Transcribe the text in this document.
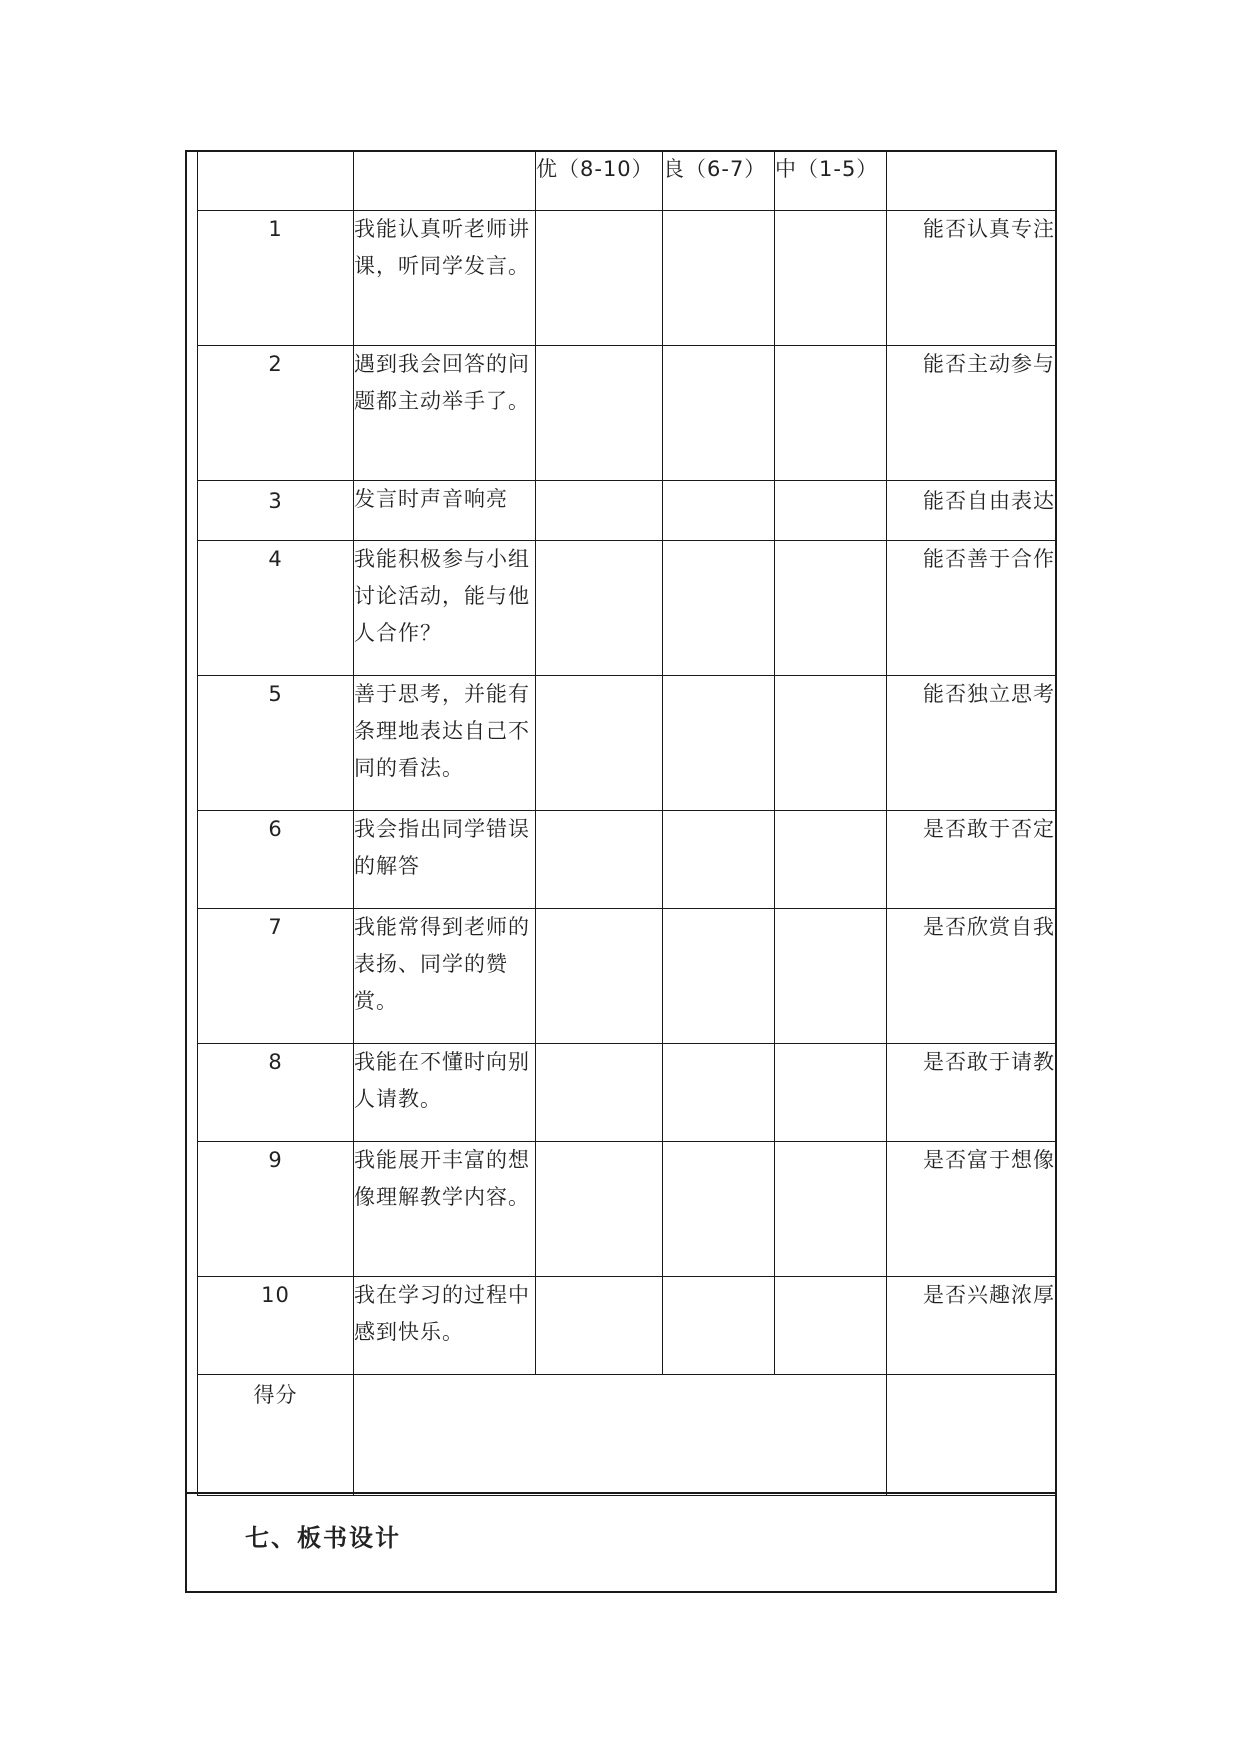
		优（8-10）	良（6-7）	中（1-5）	
1	我能认真听老师讲课，听同学发言。				能否认真专注
2	遇到我会回答的问题都主动举手了。				能否主动参与
3	发言时声音响亮				能否自由表达
4	我能积极参与小组讨论活动，能与他人合作？				能否善于合作
5	善于思考，并能有条理地表达自己不同的看法。				能否独立思考
6	我会指出同学错误的解答				是否敢于否定
7	我能常得到老师的表扬、同学的赞赏。				是否欣赏自我
8	我能在不懂时向别人请教。				是否敢于请教
9	我能展开丰富的想像理解教学内容。				是否富于想像
10	我在学习的过程中感到快乐。				是否兴趣浓厚
得分					
七、板书设计
